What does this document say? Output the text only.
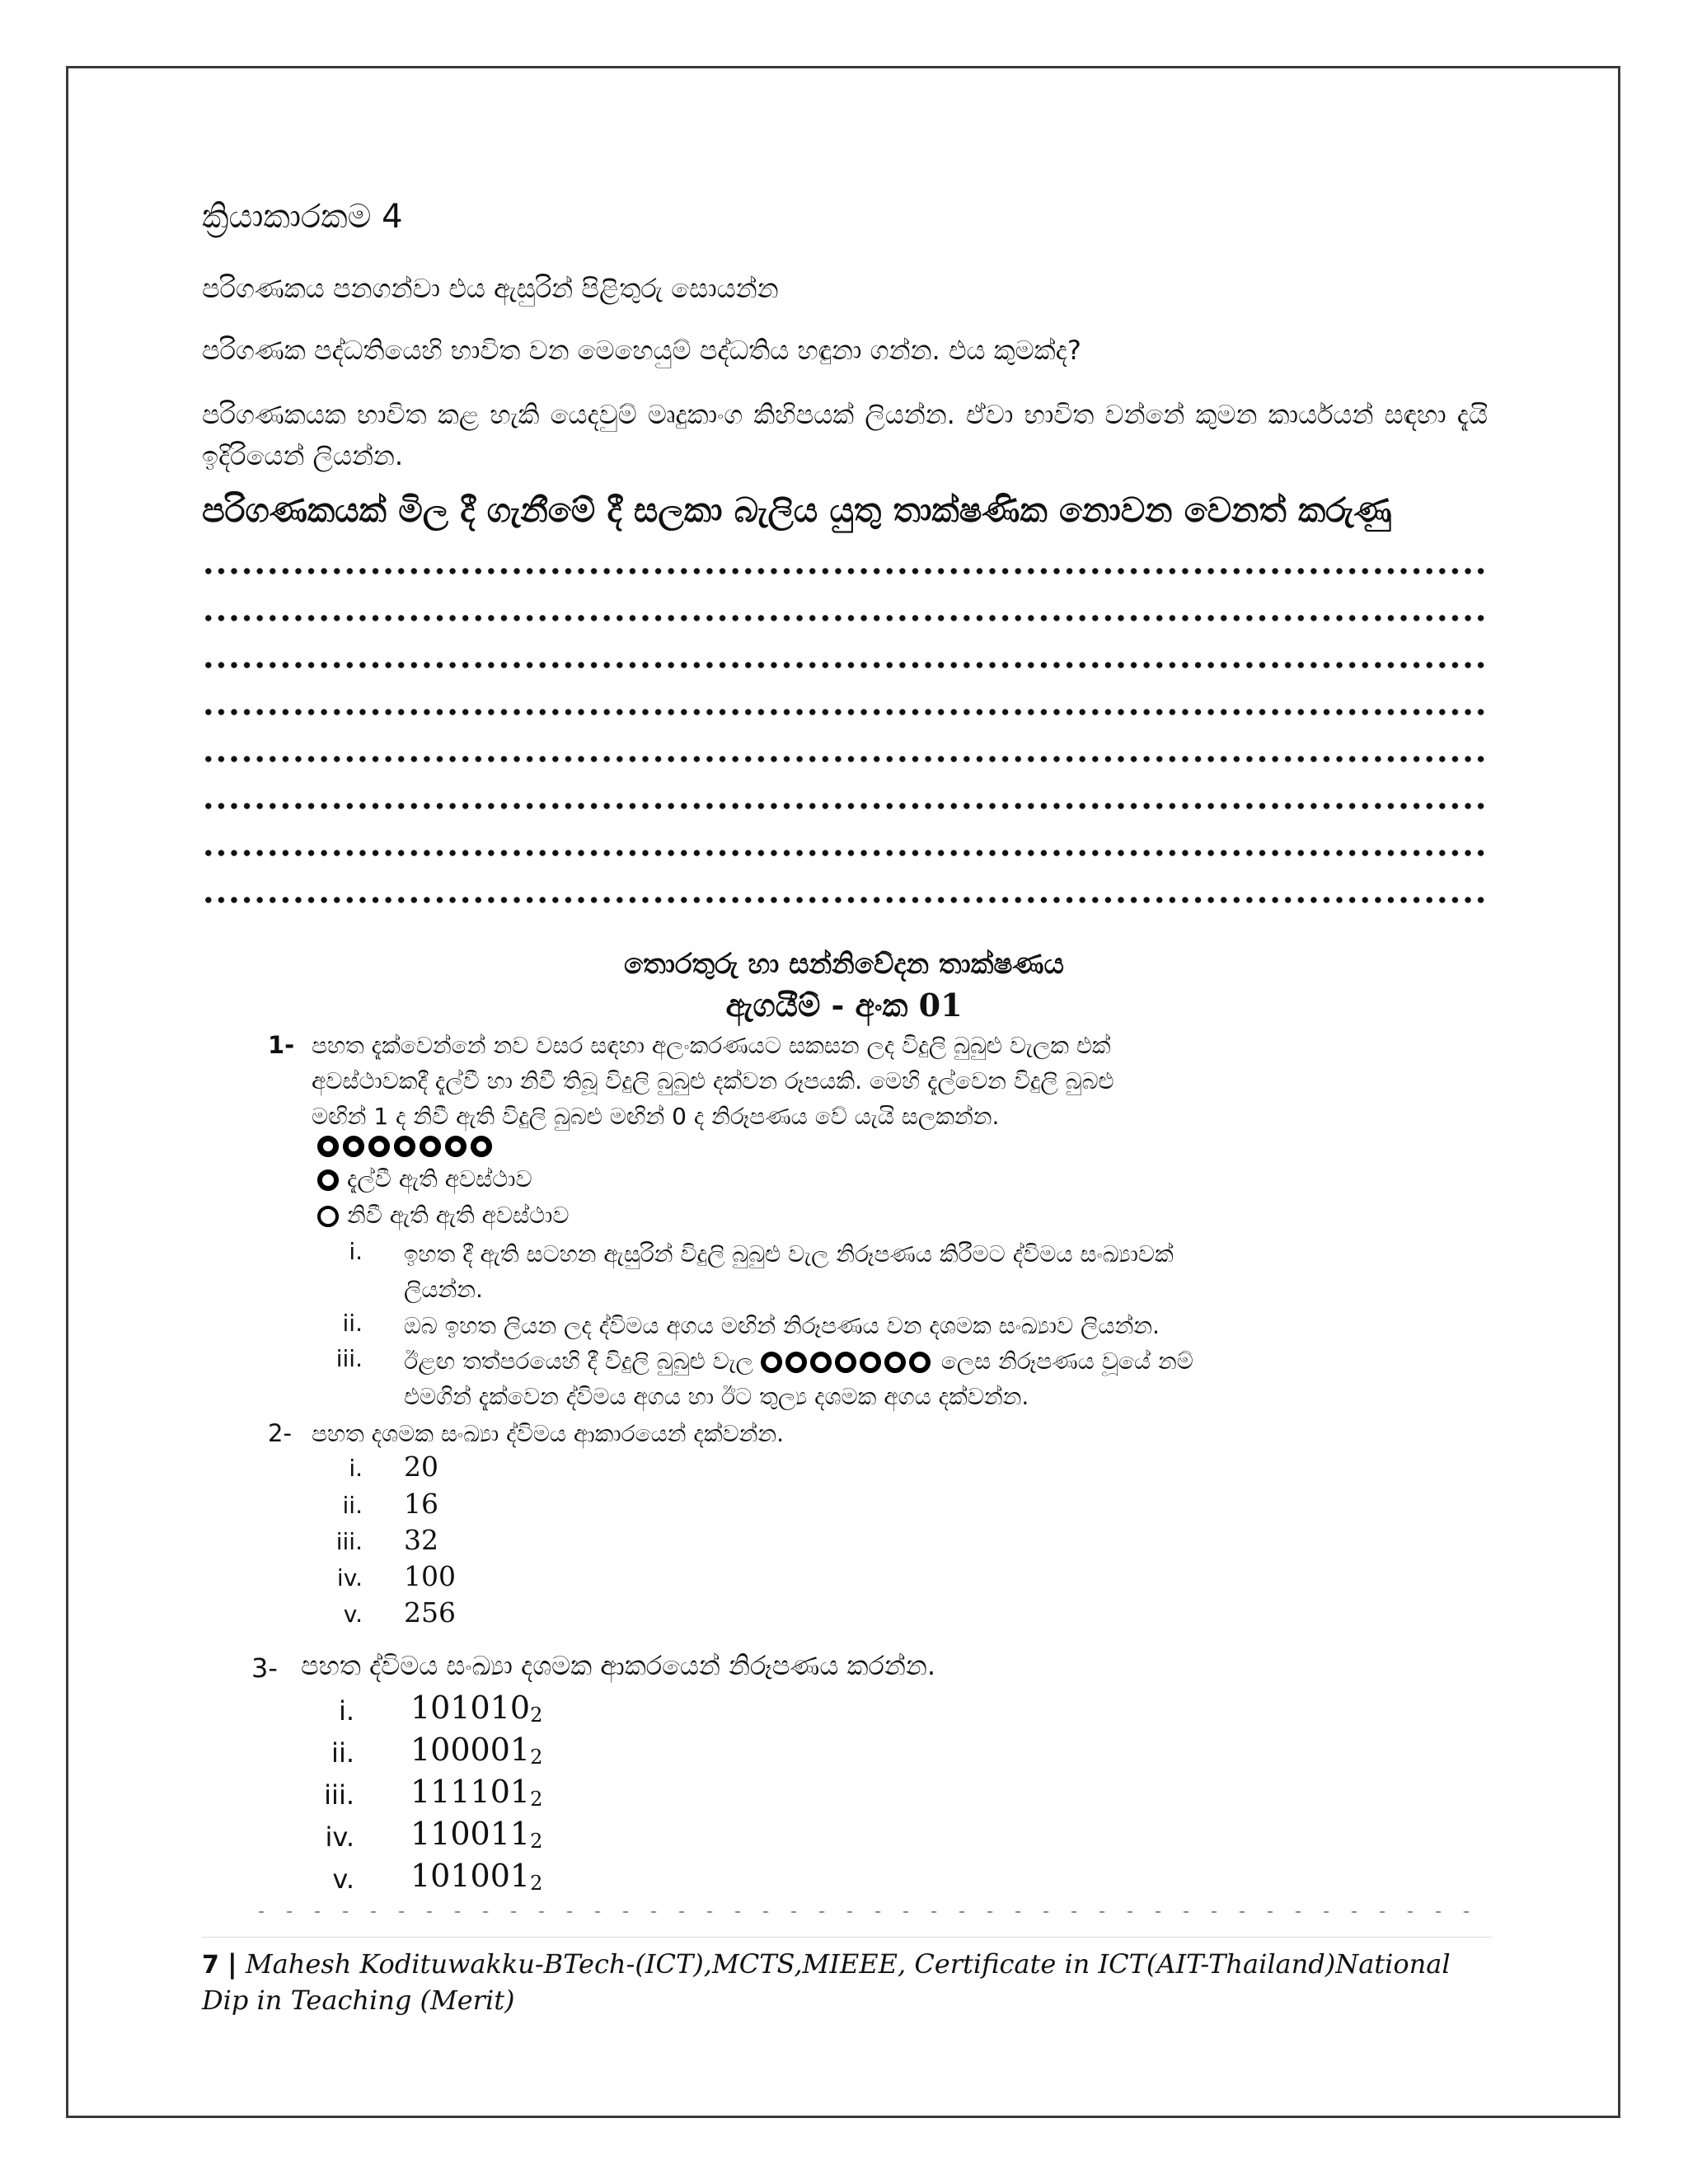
ක්‍රියාකාරකම 4
පරිගණකය පනගන්වා එය ඇසුරින් පිළිතුරු සොයන්න
පරිගණක පද්ධතියෙහි භාවිත වන මෙහෙයුම් පද්ධතිය හඳුනා ගන්න. එය කුමක්ද?
පරිගණකයක භාවිත කළ හැකි යෙදවුම් මෘදුකාංග කිහිපයක් ලියන්න. ඒවා භාවිත වන්නේ කුමන කාර්යයන් සඳහා දැයි ඉදිරියෙන් ලියන්න.
පරිගණකයක් මිල දී ගැනීමේ දී සලකා බැලිය යුතු තාක්ෂණික නොවන වෙනත් කරුණු
තොරතුරු හා සන්නිවේදන තාක්ෂණය
ඇගයීම් - අංක 01
1- පහත දැක්වෙන්නේ නව වසර සඳහා අලංකරණයට සකසන ලද විදුලි බුබුළු වැලක එක්
අවස්ථාවකදී දැල්වී හා නිවී තිබූ විදුලි බුබුළු දක්වන රූපයකි. මෙහි දැල්වෙන විදුලි බුබළු
මඟින් 1 ද නිවී ඇති විදුලි බුබළු මඟින් 0 ද නිරූපණය වේ යැයි සලකන්න.
දැල්වී ඇති අවස්ථාව
නිවී ඇති ඇති අවස්ථාව
i. ඉහත දී ඇති සටහන ඇසුරින් විදුලි බුබුළු වැල නිරූපණය කිරීමට ද්විමය සංඛ්‍යාවක්
ලියන්න.
ii. ඔබ ඉහත ලියන ලද ද්විමය අගය මඟින් නිරූපණය වන දශමක සංඛ්‍යාව ලියන්න.
iii. ඊළඟ තත්පරයෙහි දී විදුලි බුබුළු වැල	ලෙස නිරූපණය වූයේ නම්
එමගින් දැක්වෙන ද්විමය අගය හා ඊට තුල්‍ය දශමක අගය දක්වන්න.
2- පහත දශමක සංඛ්‍යා ද්විමය ආකාරයෙන් දක්වන්න.
i. 20
ii. 16
iii. 32
iv. 100
v. 256
3- පහත ද්විමය සංඛ්‍යා දශමක ආකරයෙන් නිරූපණය කරන්න.
i. $101010_2$
ii. $100001_2$
iii. $111101_2$
iv. $110011_2$
v. $101001_2$
7 | Mahesh Kodituwakku-BTech-(ICT),MCTS,MIEEE, Certificate in ICT(AIT-Thailand)National Dip in Teaching (Merit)
